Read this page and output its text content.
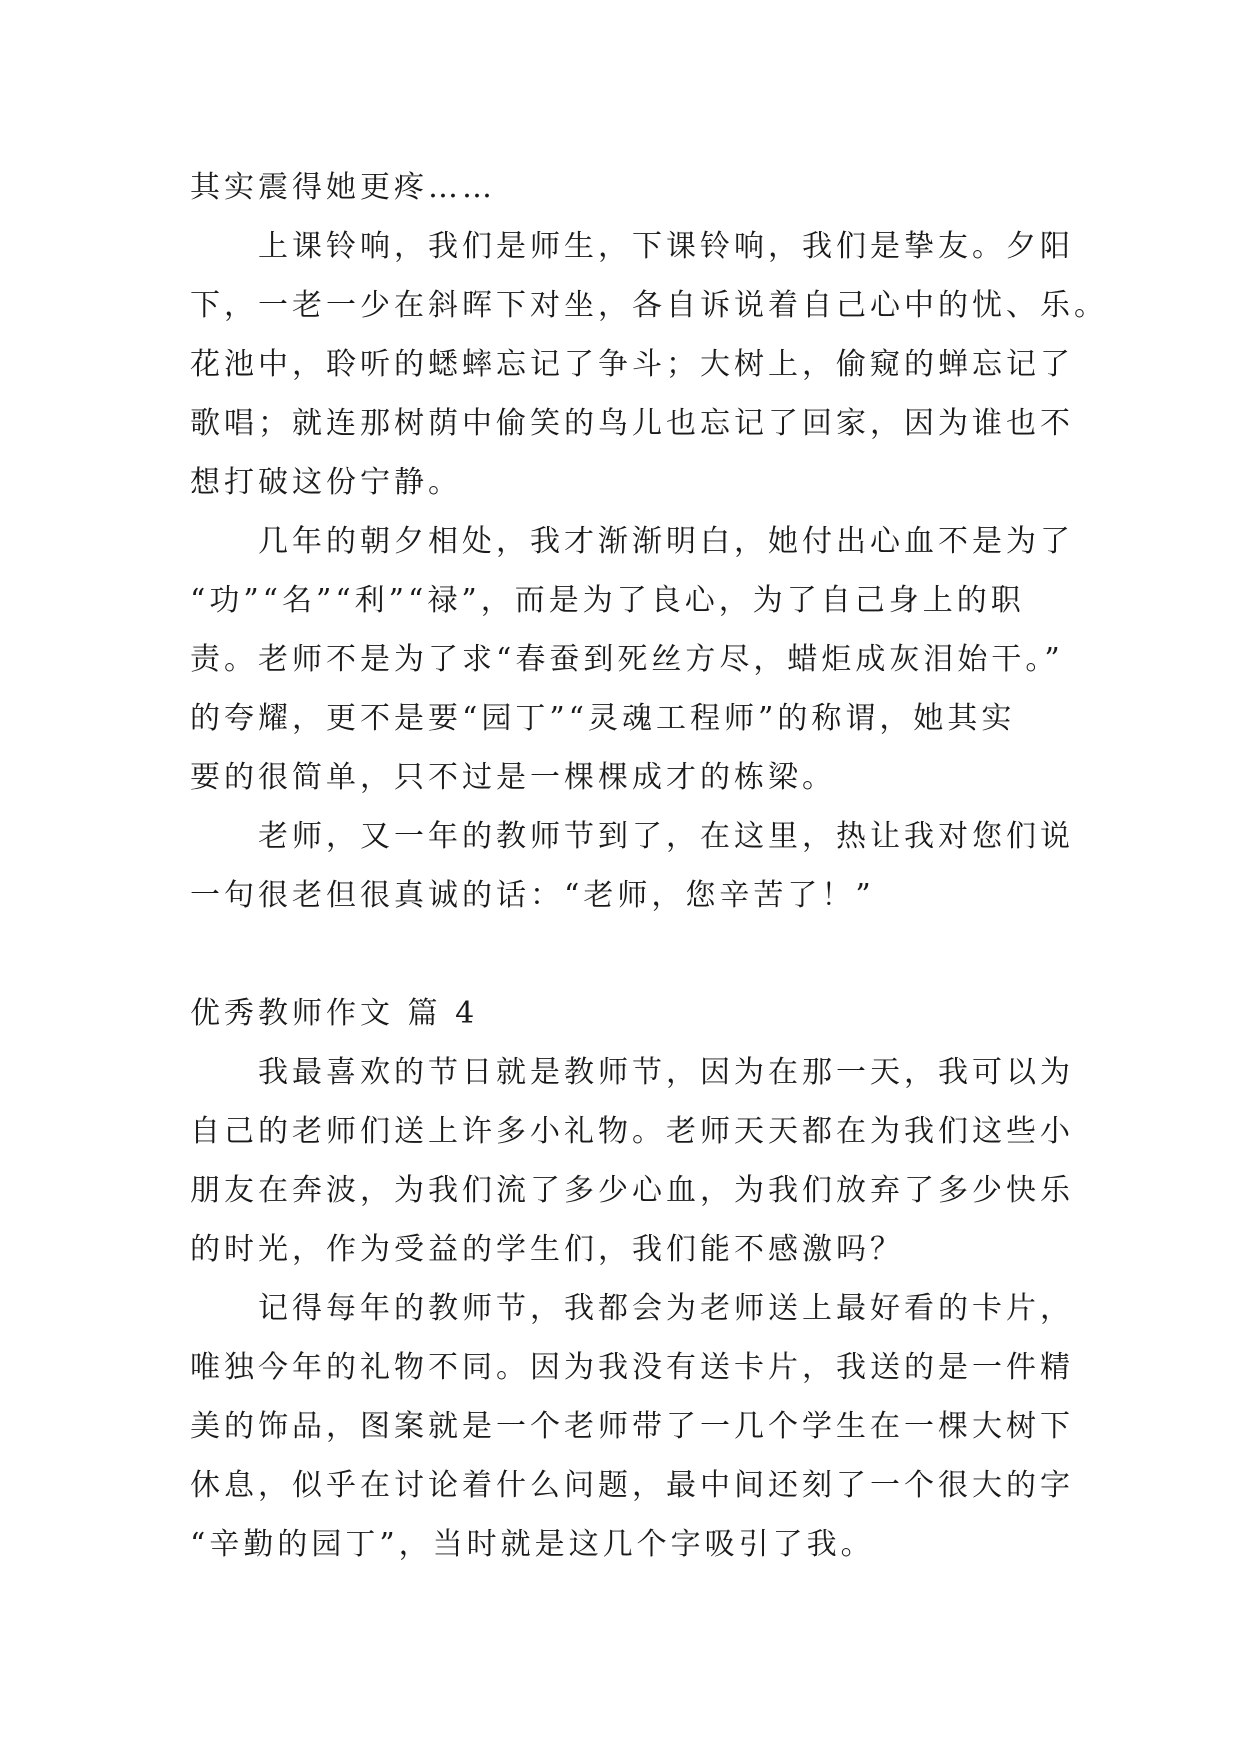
其实震得她更疼……
上课铃响，我们是师生，下课铃响，我们是挚友。夕阳
下，一老一少在斜晖下对坐，各自诉说着自己心中的忧、乐。
花池中，聆听的蟋蟀忘记了争斗；大树上，偷窥的蝉忘记了
歌唱；就连那树荫中偷笑的鸟儿也忘记了回家，因为谁也不
想打破这份宁静。
几年的朝夕相处，我才渐渐明白，她付出心血不是为了
“功”“名”“利”“禄”，而是为了良心，为了自己身上的职
责。老师不是为了求“春蚕到死丝方尽，蜡炬成灰泪始干。”
的夸耀，更不是要“园丁”“灵魂工程师”的称谓，她其实
要的很简单，只不过是一棵棵成才的栋梁。
老师，又一年的教师节到了，在这里，热让我对您们说
一句很老但很真诚的话：“老师，您辛苦了！”
优秀教师作文 篇 4
我最喜欢的节日就是教师节，因为在那一天，我可以为
自己的老师们送上许多小礼物。老师天天都在为我们这些小
朋友在奔波，为我们流了多少心血，为我们放弃了多少快乐
的时光，作为受益的学生们，我们能不感激吗？
记得每年的教师节，我都会为老师送上最好看的卡片，
唯独今年的礼物不同。因为我没有送卡片，我送的是一件精
美的饰品，图案就是一个老师带了一几个学生在一棵大树下
休息，似乎在讨论着什么问题，最中间还刻了一个很大的字
“辛勤的园丁”，当时就是这几个字吸引了我。
